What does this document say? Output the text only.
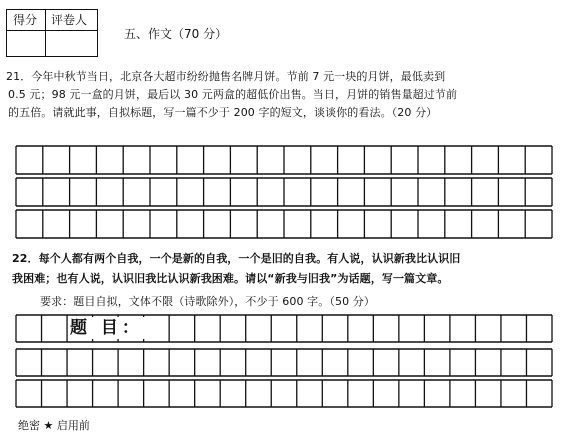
得分 评卷人
五、作文（70 分）
21．今年中秋节当日，北京各大超市纷纷抛售名牌月饼。节前 7 元一块的月饼，最低卖到
0.5 元；98 元一盒的月饼，最后以 30 元两盒的超低价出售。当日，月饼的销售量超过节前
的五倍。请就此事，自拟标题，写一篇不少于 200 字的短文，谈谈你的看法。（20 分）
22．每个人都有两个自我，一个是新的自我，一个是旧的自我。有人说，认识新我比认识旧
我困难；也有人说，认识旧我比认识新我困难。请以“新我与旧我”为话题，写一篇文章。
要求：题目自拟，文体不限（诗歌除外），不少于 600 字。（50 分）
题 目：
绝密 ★ 启用前
